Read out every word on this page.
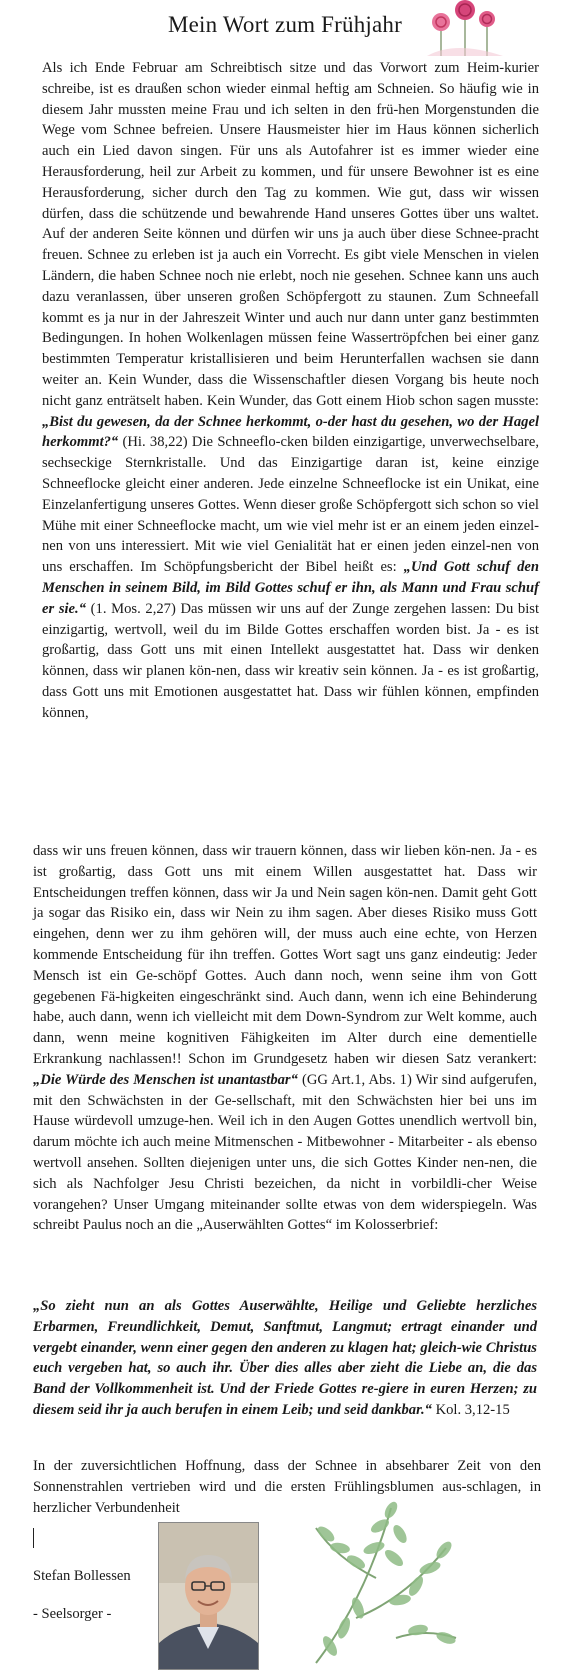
Mein Wort zum Frühjahr
Als ich Ende Februar am Schreibtisch sitze und das Vorwort zum Heim-kurier schreibe, ist es draußen schon wieder einmal heftig am Schneien. So häufig wie in diesem Jahr mussten meine Frau und ich selten in den frü-hen Morgenstunden die Wege vom Schnee befreien. Unsere Hausmeister hier im Haus können sicherlich auch ein Lied davon singen. Für uns als Autofahrer ist es immer wieder eine Herausforderung, heil zur Arbeit zu kommen, und für unsere Bewohner ist es eine Herausforderung, sicher durch den Tag zu kommen. Wie gut, dass wir wissen dürfen, dass die schützende und bewahrende Hand unseres Gottes über uns waltet. Auf der anderen Seite können und dürfen wir uns ja auch über diese Schnee-pracht freuen. Schnee zu erleben ist ja auch ein Vorrecht. Es gibt viele Menschen in vielen Ländern, die haben Schnee noch nie erlebt, noch nie gesehen. Schnee kann uns auch dazu veranlassen, über unseren großen Schöpfergott zu staunen. Zum Schneefall kommt es ja nur in der Jahreszeit Winter und auch nur dann unter ganz bestimmten Bedingungen. In hohen Wolkenlagen müssen feine Wassertröpfchen bei einer ganz bestimmten Temperatur kristallisieren und beim Herunterfallen wachsen sie dann weiter an. Kein Wunder, dass die Wissenschaftler diesen Vorgang bis heute noch nicht ganz enträtselt haben. Kein Wunder, das Gott einem Hiob schon sagen musste: „Bist du gewesen, da der Schnee herkommt, o-der hast du gesehen, wo der Hagel herkommt?“ (Hi. 38,22) Die Schneeflo-cken bilden einzigartige, unverwechselbare, sechseckige Sternkristalle. Und das Einzigartige daran ist, keine einzige Schneeflocke gleicht einer anderen. Jede einzelne Schneeflocke ist ein Unikat, eine Einzelanfertigung unseres Gottes. Wenn dieser große Schöpfergott sich schon so viel Mühe mit einer Schneeflocke macht, um wie viel mehr ist er an einem jeden einzel-nen von uns interessiert. Mit wie viel Genialität hat er einen jeden einzel-nen von uns erschaffen. Im Schöpfungsbericht der Bibel heißt es: „Und Gott schuf den Menschen in seinem Bild, im Bild Gottes schuf er ihn, als Mann und Frau schuf er sie.“ (1. Mos. 2,27) Das müssen wir uns auf der Zunge zergehen lassen: Du bist einzigartig, wertvoll, weil du im Bilde Gottes erschaffen worden bist. Ja - es ist großartig, dass Gott uns mit einen Intellekt ausgestattet hat. Dass wir denken können, dass wir planen kön-nen, dass wir kreativ sein können. Ja - es ist großartig, dass Gott uns mit Emotionen ausgestattet hat. Dass wir fühlen können, empfinden können,
dass wir uns freuen können, dass wir trauern können, dass wir lieben kön-nen. Ja - es ist großartig, dass Gott uns mit einem Willen ausgestattet hat. Dass wir Entscheidungen treffen können, dass wir Ja und Nein sagen kön-nen. Damit geht Gott ja sogar das Risiko ein, dass wir Nein zu ihm sagen. Aber dieses Risiko muss Gott eingehen, denn wer zu ihm gehören will, der muss auch eine echte, von Herzen kommende Entscheidung für ihn treffen. Gottes Wort sagt uns ganz eindeutig: Jeder Mensch ist ein Ge-schöpf Gottes. Auch dann noch, wenn seine ihm von Gott gegebenen Fä-higkeiten eingeschränkt sind. Auch dann, wenn ich eine Behinderung habe, auch dann, wenn ich vielleicht mit dem Down-Syndrom zur Welt komme, auch dann, wenn meine kognitiven Fähigkeiten im Alter durch eine dementielle Erkrankung nachlassen!! Schon im Grundgesetz haben wir diesen Satz verankert: „Die Würde des Menschen ist unantastbar“ (GG Art.1, Abs. 1) Wir sind aufgerufen, mit den Schwächsten in der Ge-sellschaft, mit den Schwächsten hier bei uns im Hause würdevoll umzuge-hen. Weil ich in den Augen Gottes unendlich wertvoll bin, darum möchte ich auch meine Mitmenschen - Mitbewohner - Mitarbeiter - als ebenso wertvoll ansehen. Sollten diejenigen unter uns, die sich Gottes Kinder nen-nen, die sich als Nachfolger Jesu Christi bezeichen, da nicht in vorbildli-cher Weise vorangehen? Unser Umgang miteinander sollte etwas von dem widerspiegeln. Was schreibt Paulus noch an die „Auserwählten Gottes“ im Kolosserbrief:
„So zieht nun an als Gottes Auserwählte, Heilige und Geliebte herzliches Erbarmen, Freundlichkeit, Demut, Sanftmut, Langmut; ertragt einander und vergebt einander, wenn einer gegen den anderen zu klagen hat; gleich-wie Christus euch vergeben hat, so auch ihr. Über dies alles aber zieht die Liebe an, die das Band der Vollkommenheit ist. Und der Friede Gottes re-giere in euren Herzen; zu diesem seid ihr ja auch berufen in einem Leib; und seid dankbar.“ Kol. 3,12-15
In der zuversichtlichen Hoffnung, dass der Schnee in absehbarer Zeit von den Sonnenstrahlen vertrieben wird und die ersten Frühlingsblumen aus-schlagen, in herzlicher Verbundenheit
Stefan Bollessen
- Seelsorger -
